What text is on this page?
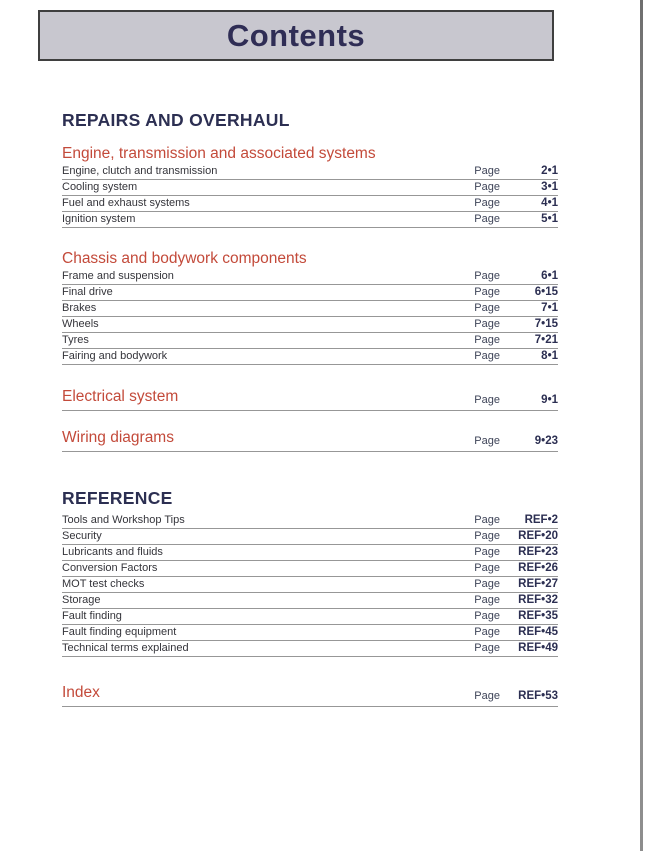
Contents
REPAIRS AND OVERHAUL
Engine, transmission and associated systems
Engine, clutch and transmission	Page	2•1
Cooling system	Page	3•1
Fuel and exhaust systems	Page	4•1
Ignition system	Page	5•1
Chassis and bodywork components
Frame and suspension	Page	6•1
Final drive	Page	6•15
Brakes	Page	7•1
Wheels	Page	7•15
Tyres	Page	7•21
Fairing and bodywork	Page	8•1
Electrical system	Page	9•1
Wiring diagrams	Page	9•23
REFERENCE
Tools and Workshop Tips	Page	REF•2
Security	Page	REF•20
Lubricants and fluids	Page	REF•23
Conversion Factors	Page	REF•26
MOT test checks	Page	REF•27
Storage	Page	REF•32
Fault finding	Page	REF•35
Fault finding equipment	Page	REF•45
Technical terms explained	Page	REF•49
Index	Page	REF•53
